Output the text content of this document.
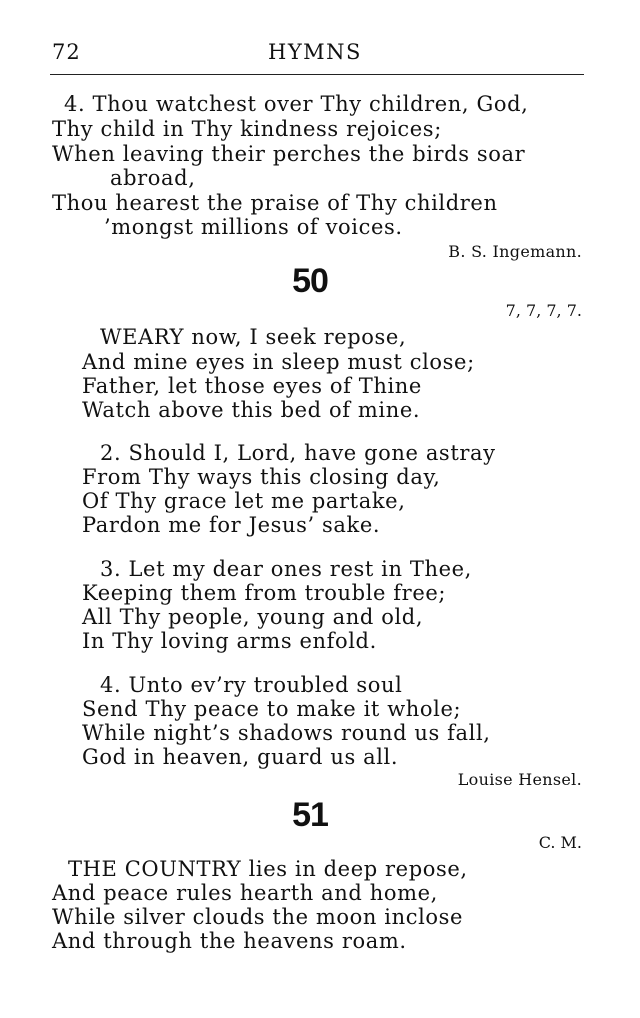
72	HYMNS
4. Thou watchest over Thy children, God,
Thy child in Thy kindness rejoices;
When leaving their perches the birds soar
abroad,
Thou hearest the praise of Thy children
’mongst millions of voices.
B. S. Ingemann.
50
7, 7, 7, 7.
WEARY now, I seek repose,
And mine eyes in sleep must close;
Father, let those eyes of Thine
Watch above this bed of mine.
2. Should I, Lord, have gone astray
From Thy ways this closing day,
Of Thy grace let me partake,
Pardon me for Jesus’ sake.
3. Let my dear ones rest in Thee,
Keeping them from trouble free;
All Thy people, young and old,
In Thy loving arms enfold.
4. Unto ev’ry troubled soul
Send Thy peace to make it whole;
While night’s shadows round us fall,
God in heaven, guard us all.
Louise Hensel.
51
C. M.
THE COUNTRY lies in deep repose,
And peace rules hearth and home,
While silver clouds the moon inclose
And through the heavens roam.
